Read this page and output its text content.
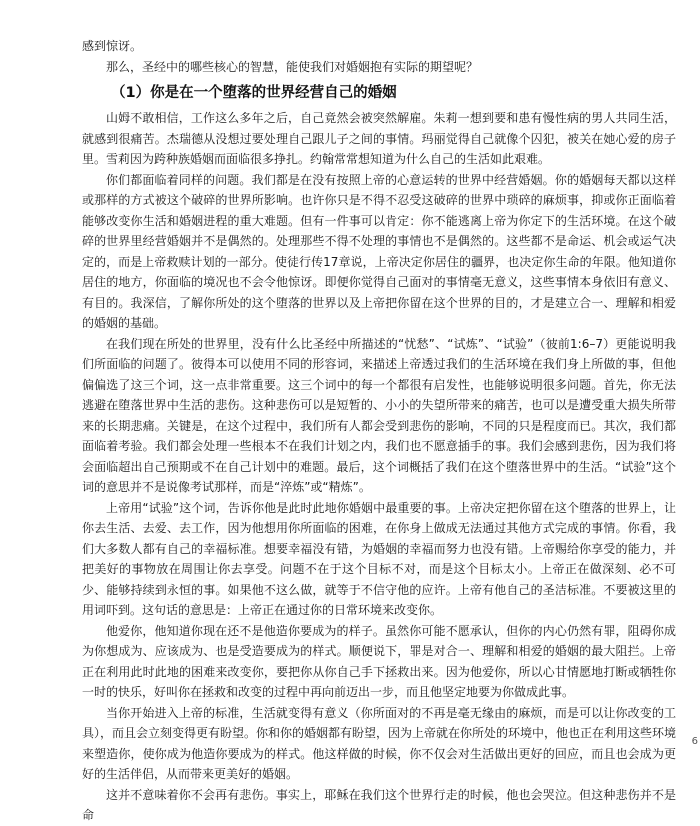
感到惊讶。

那么，圣经中的哪些核心的智慧，能使我们对婚姻抱有实际的期望呢？

（1）你是在一个堕落的世界经营自己的婚姻

山姆不敢相信，工作这么多年之后，自己竟然会被突然解雇。朱莉一想到要和患有慢性病的男人共同生活，就感到很痛苦。杰瑞德从没想过要处理自己跟儿子之间的事情。玛丽觉得自己就像个囚犯，被关在她心爱的房子里。雪莉因为跨种族婚姻而面临很多挣扎。约翰常常想知道为什么自己的生活如此艰难。

你们都面临着同样的问题。我们都是在没有按照上帝的心意运转的世界中经营婚姻。你的婚姻每天都以这样或那样的方式被这个破碎的世界所影响。也许你只是不得不忍受这破碎的世界中琐碎的麻烦事，抑或你正面临着能够改变你生活和婚姻进程的重大难题。但有一件事可以肯定：你不能逃离上帝为你定下的生活环境。在这个破碎的世界里经营婚姻并不是偶然的。处理那些不得不处理的事情也不是偶然的。这些都不是命运、机会或运气决定的，而是上帝救赎计划的一部分。使徒行传17章说，上帝决定你居住的疆界，也决定你生命的年限。他知道你居住的地方，你面临的境况也不会令他惊讶。即便你觉得自己面对的事情毫无意义，这些事情本身依旧有意义、有目的。我深信，了解你所处的这个堕落的世界以及上帝把你留在这个世界的目的，才是建立合一、理解和相爱的婚姻的基础。

在我们现在所处的世界里，没有什么比圣经中所描述的“忧愁”、“试炼”、“试验”（彼前1:6–7）更能说明我们所面临的问题了。彼得本可以使用不同的形容词，来描述上帝透过我们的生活环境在我们身上所做的事，但他偏偏选了这三个词，这一点非常重要。这三个词中的每一个都很有启发性，也能够说明很多问题。首先，你无法逃避在堕落世界中生活的悲伤。这种悲伤可以是短暂的、小小的失望所带来的痛苦，也可以是遭受重大损失所带来的长期悲痛。关键是，在这个过程中，我们所有人都会受到悲伤的影响，不同的只是程度而已。其次，我们都面临着考验。我们都会处理一些根本不在我们计划之内，我们也不愿意插手的事。我们会感到悲伤，因为我们将会面临超出自己预期或不在自己计划中的难题。最后，这个词概括了我们在这个堕落世界中的生活。“试验”这个词的意思并不是说像考试那样，而是“淬炼”或“精炼”。

上帝用“试验”这个词，告诉你他是此时此地你婚姻中最重要的事。上帝决定把你留在这个堕落的世界上，让你去生活、去爱、去工作，因为他想用你所面临的困难，在你身上做成无法通过其他方式完成的事情。你看，我们大多数人都有自己的幸福标准。想要幸福没有错，为婚姻的幸福而努力也没有错。上帝赐给你享受的能力，并把美好的事物放在周围让你去享受。问题不在于这个目标不对，而是这个目标太小。上帝正在做深刻、必不可少、能够持续到永恒的事。如果他不这么做，就等于不信守他的应许。上帝有他自己的圣洁标准。不要被这里的用词吓到。这句话的意思是：上帝正在通过你的日常环境来改变你。

他爱你，他知道你现在还不是他造你要成为的样子。虽然你可能不愿承认，但你的内心仍然有罪，阻碍你成为你想成为、应该成为、也是受造要成为的样式。顺便说下，罪是对合一、理解和相爱的婚姻的最大阻拦。上帝正在利用此时此地的困难来改变你，要把你从你自己手下拯救出来。因为他爱你，所以心甘情愿地打断或牺牲你一时的快乐，好叫你在拯救和改变的过程中再向前迈出一步，而且他坚定地要为你做成此事。

当你开始进入上帝的标准，生活就变得有意义（你所面对的不再是毫无缘由的麻烦，而是可以让你改变的工具），而且会立刻变得更有盼望。你和你的婚姻都有盼望，因为上帝就在你所处的环境中，他也正在利用这些环境来塑造你，使你成为他造你要成为的样式。他这样做的时候，你不仅会对生活做出更好的回应，而且也会成为更好的生活伴侣，从而带来更美好的婚姻。

这并不意味着你不会再有悲伤。事实上，耶稣在我们这个世界行走的时候，他也会哭泣。但这种悲伤并不是命

6
